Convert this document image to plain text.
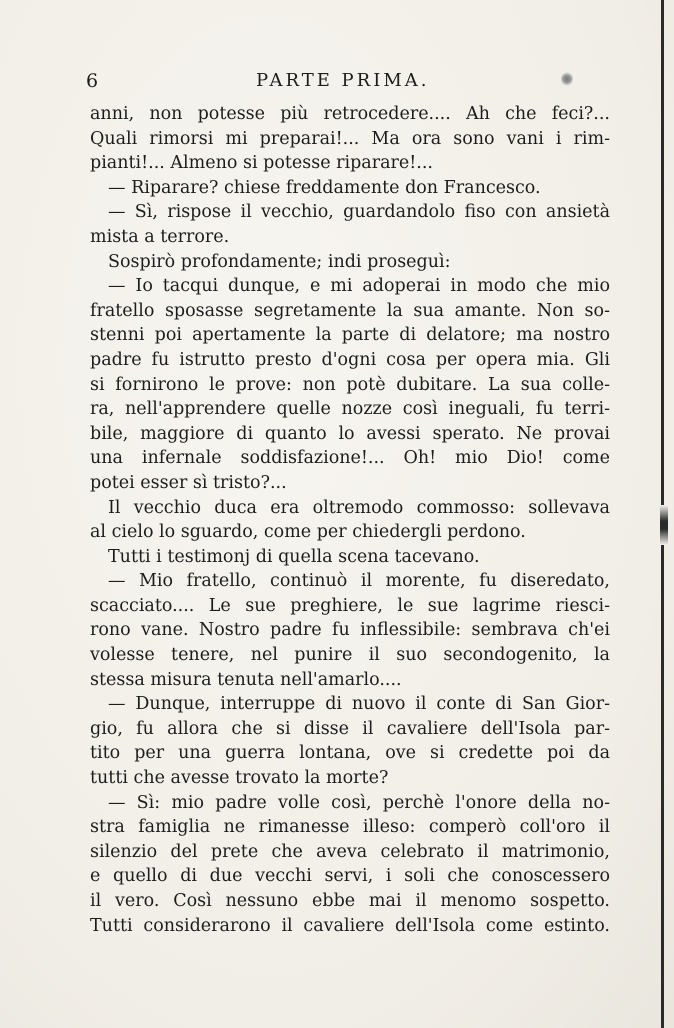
6	PARTE PRIMA.
anni, non potesse più retrocedere.... Ah che feci?...
Quali rimorsi mi preparai!... Ma ora sono vani i rim-
pianti!... Almeno si potesse riparare!...
— Riparare? chiese freddamente don Francesco.
— Sì, rispose il vecchio, guardandolo fiso con ansietà
mista a terrore.
Sospirò profondamente; indi proseguì:
— Io tacqui dunque, e mi adoperai in modo che mio
fratello sposasse segretamente la sua amante. Non so-
stenni poi apertamente la parte di delatore; ma nostro
padre fu istrutto presto d'ogni cosa per opera mia. Gli
si fornirono le prove: non potè dubitare. La sua colle-
ra, nell'apprendere quelle nozze così ineguali, fu terri-
bile, maggiore di quanto lo avessi sperato. Ne provai
una infernale soddisfazione!... Oh! mio Dio! come
potei esser sì tristo?...
Il vecchio duca era oltremodo commosso: sollevava
al cielo lo sguardo, come per chiedergli perdono.
Tutti i testimonj di quella scena tacevano.
— Mio fratello, continuò il morente, fu diseredato,
scacciato.... Le sue preghiere, le sue lagrime riesci-
rono vane. Nostro padre fu inflessibile: sembrava ch'ei
volesse tenere, nel punire il suo secondogenito, la
stessa misura tenuta nell'amarlo....
— Dunque, interruppe di nuovo il conte di San Gior-
gio, fu allora che si disse il cavaliere dell'Isola par-
tito per una guerra lontana, ove si credette poi da
tutti che avesse trovato la morte?
— Sì: mio padre volle così, perchè l'onore della no-
stra famiglia ne rimanesse illeso: comperò coll'oro il
silenzio del prete che aveva celebrato il matrimonio,
e quello di due vecchi servi, i soli che conoscessero
il vero. Così nessuno ebbe mai il menomo sospetto.
Tutti considerarono il cavaliere dell'Isola come estinto.
